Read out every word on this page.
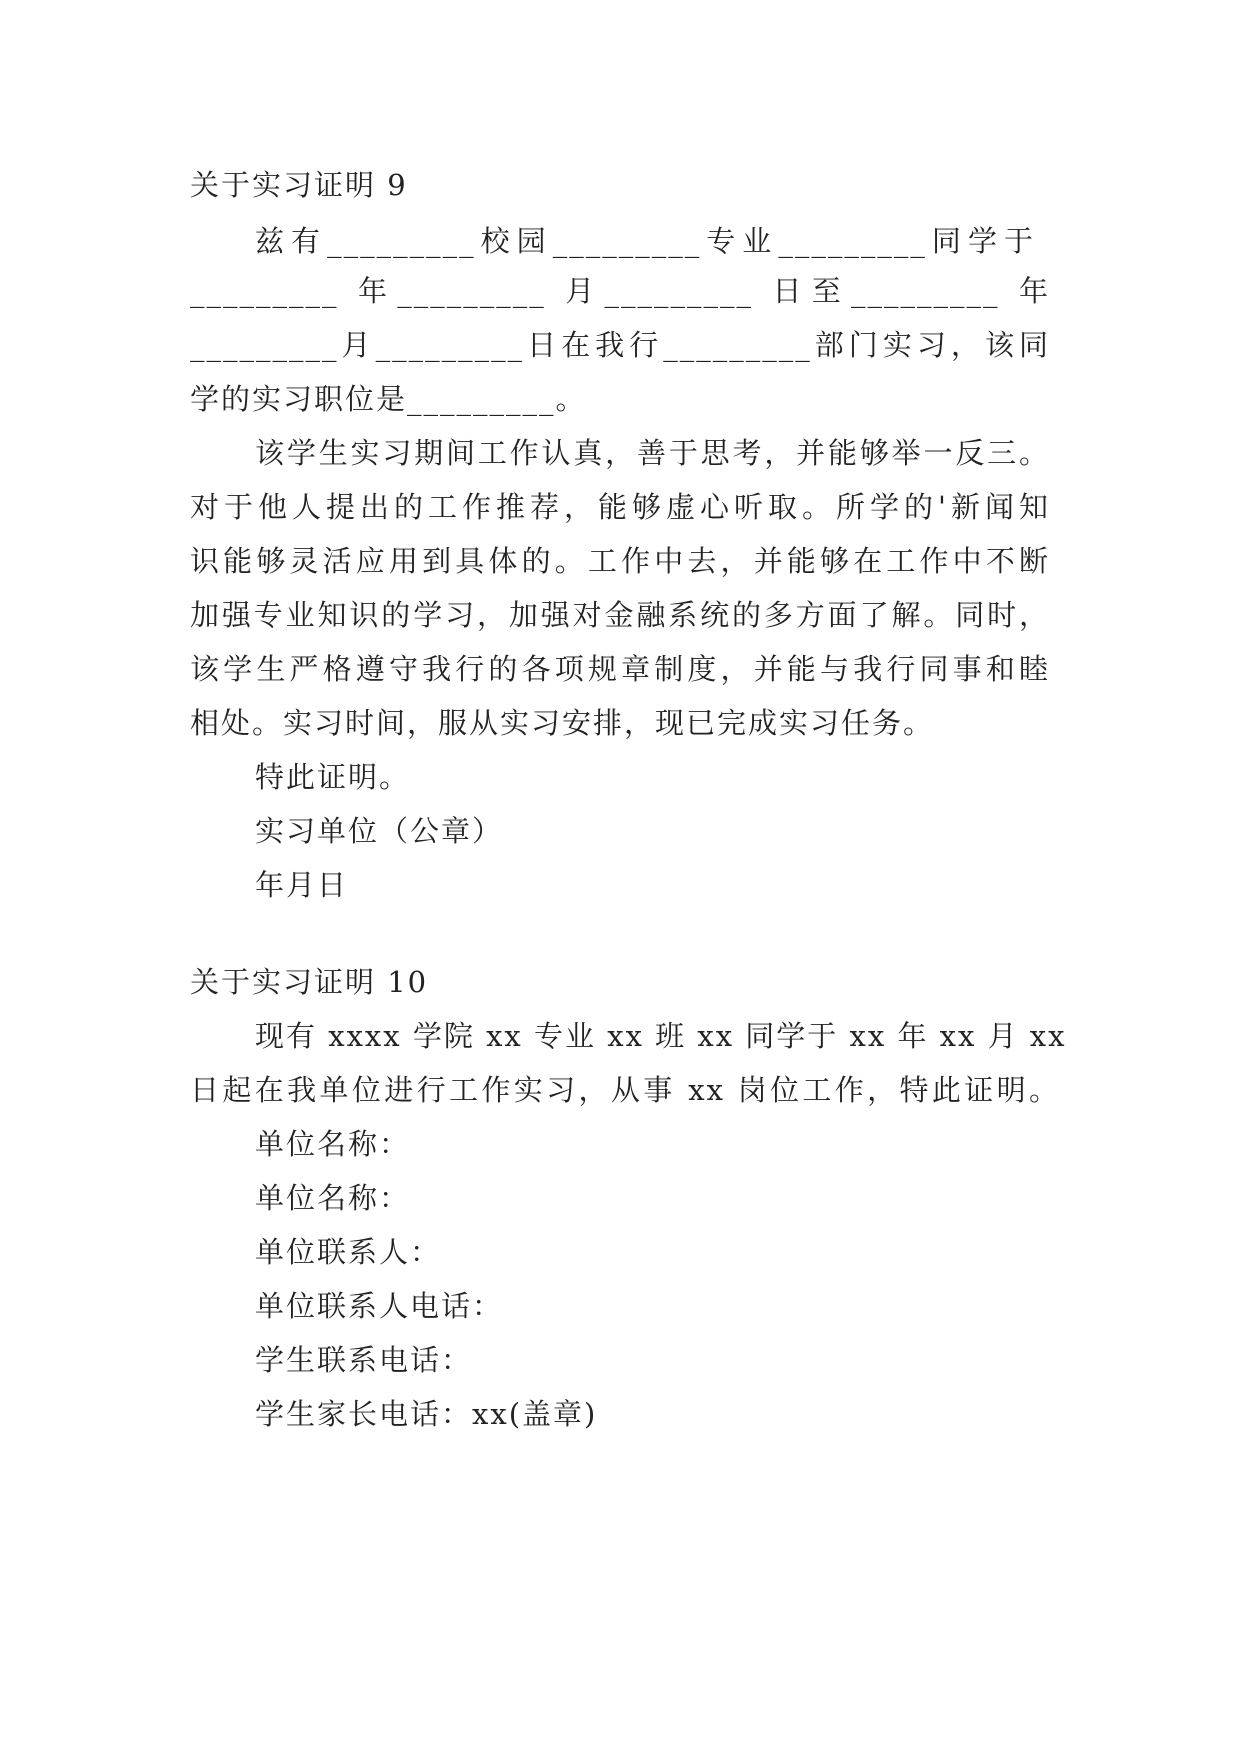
关于实习证明 9
兹有_________校园_________专业_________同学于
_________ 年_________ 月_________ 日至_________ 年
_________月_________日在我行_________部门实习，该同
学的实习职位是_________。
该学生实习期间工作认真，善于思考，并能够举一反三。
对于他人提出的工作推荐，能够虚心听取。所学的'新闻知
识能够灵活应用到具体的。工作中去，并能够在工作中不断
加强专业知识的学习，加强对金融系统的多方面了解。同时，
该学生严格遵守我行的各项规章制度，并能与我行同事和睦
相处。实习时间，服从实习安排，现已完成实习任务。
特此证明。
实习单位（公章）
年月日
关于实习证明 10
现有 xxxx 学院 xx 专业 xx 班 xx 同学于 xx 年 xx 月 xx
日起在我单位进行工作实习，从事 xx 岗位工作，特此证明。
单位名称：
单位名称：
单位联系人：
单位联系人电话：
学生联系电话：
学生家长电话：xx(盖章)
